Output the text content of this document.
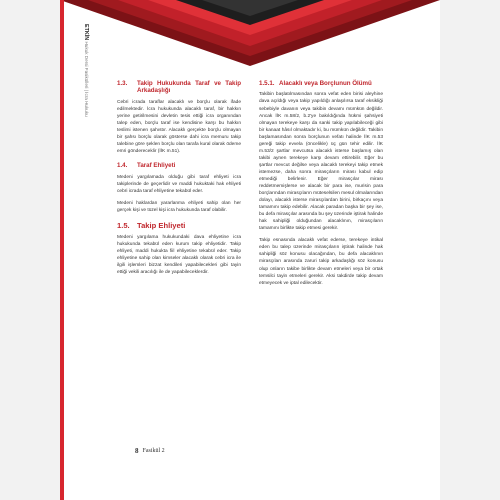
ETKİN Hukuk Dersi Fasikülleri | İcra Hukuku	1.3.	Takip Hukukunda Taraf ve Takip Arkadaşlığı

Cebri icrada taraflar alacaklı ve borçlu olarak ifade edilmektedir. İcra hukukunda alacaklı taraf, bir hakkın yerine getirilmesini devletin tesis ettiği icra organından talep eden, borçlu taraf ise kendisine karşı bu hakkın teslimi istenen şahıstır. Alacaklı gerçekte borçlu olmayan bir şahsı borçlu olarak gösterse dahi icra memuru takip talebine göre şeklen borçlu olan tarafa kural olarak ödeme emri göndereceklir (İİK m.51).

1.4.	Taraf Ehliyeti

Medeni yargılamada olduğu gibi taraf ehliyeti icra takiplerinde de geçerlidir ve maddi hukuktaki hak ehliyeti cebri icrada taraf ehliyetine tekabül eder.

Medeni haklardan yararlanma ehliyeti sahip olan her gerçek kişi ve tüzel kişi icra hukukunda taraf olabilir.

1.5. Takip Ehliyeti

Medeni yargılama hukukundaki dava ehliyetine icra hukukunda tekabül eden kurum takip ehliyetidir. Takip ehliyeti, maddi hukukta fiil ehliyetine tekabül eder. Takip ehliyetine sahip olan kimseler alacaklı olarak cebri icra ile ilgili işlemleri bizzat kendileri yapabilecekleri gibi tayin ettiği vekili aracılığı ile de yapabileceklerdir.

1.5.1. Alacaklı veya Borçlunun Ölümü

Takibin başlatılmasından sonra vefat eden birisi aleyhine dava açıldığı veya takip yapıldığı anlaşılırsa taraf eksikliği sebebiyle davanın veya takibin devamı mümkün değildir. Ancak İİK m.58/2, b.2'ye bakıldığında hükmi şahsiyeti olmayan terekeye karşı da sanki takip yapılabileceği gibi bir kanaat hâsıl olmaktadır ki, bu mümkün değildir. Takibin başlamasından sonra borçlunun vefatı halinde İİK m.53 gereği takip evvela (öncelikle) üç gün tehir edilir. İİK m.53/2 şartlar mevcutsa alacaklı isterse başlamış olan takibi aynen terekeye karşı devam ettirebilir. Eğer bu şartlar mevcut değilse veya alacaklı terekeyi takip etmek istemezse, daha sonra mirasçıların mirası kabul edip etmediği belirlenir. Eğer mirasçılar mirası reddetmemişlerse ve alacak bir para ise, murisin para borçlarından mirasçıların müteselsilen mesul olmalarından dolayı, alacaklı isterse mirasçılardan birini, birkaçını veya tamamını takip edebilir. Alacak paradan başka bir şey ise, bu defa mirasçılar arasında bu şey üzerinde iştirak halinde hak sahipliği olduğundan alacaklının, mirasçıların tamamını birlikte takip etmesi gerekir.

Takip esnasında alacaklı vefat ederse, terekeye intikal eden bu talep üzerinde mirasçıların iştirak halinde hak sahipliği söz konusu olacağından, bu defa alacaklının mirasçıları arasında zaruri takip arkadaşlığı söz konusu olup onların takibe birlikte devam etmeleri veya bir ortak temsilci tayin etmeleri gerekir. Aksi takdirde takip devam etmeyecek ve iptal edilecektir.

8 Fasikül 2
